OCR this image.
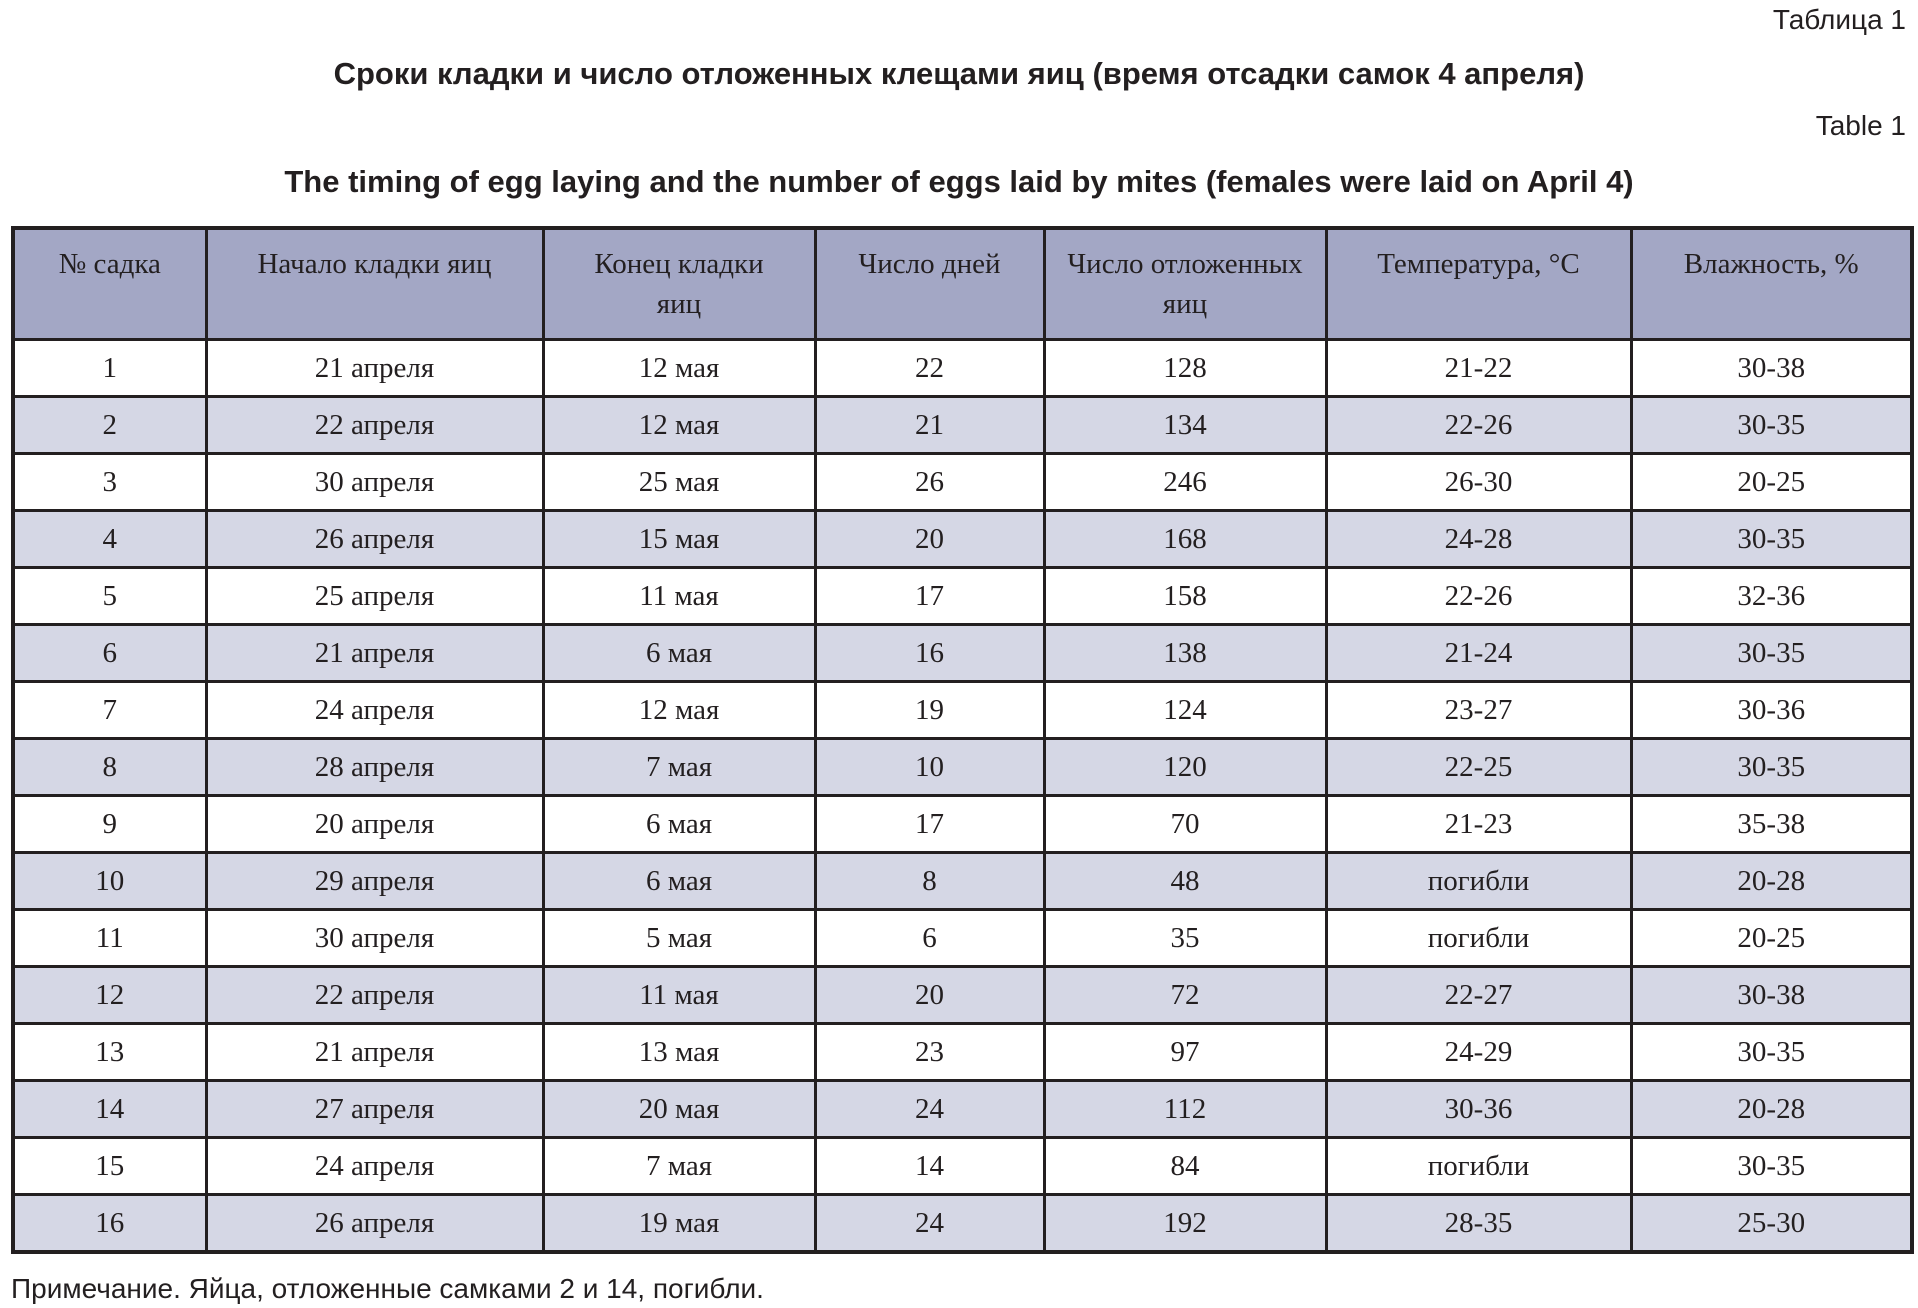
Таблица 1
Сроки кладки и число отложенных клещами яиц (время отсадки самок 4 апреля)
Table 1
The timing of egg laying and the number of eggs laid by mites (females were laid on April 4)
№ садка	Начало кладки яиц	Конец кладки яиц	Число дней	Число отложенных яиц	Температура, °С	Влажность, %
1	21 апреля	12 мая	22	128	21-22	30-38
2	22 апреля	12 мая	21	134	22-26	30-35
3	30 апреля	25 мая	26	246	26-30	20-25
4	26 апреля	15 мая	20	168	24-28	30-35
5	25 апреля	11 мая	17	158	22-26	32-36
6	21 апреля	6 мая	16	138	21-24	30-35
7	24 апреля	12 мая	19	124	23-27	30-36
8	28 апреля	7 мая	10	120	22-25	30-35
9	20 апреля	6 мая	17	70	21-23	35-38
10	29 апреля	6 мая	8	48	погибли	20-28
11	30 апреля	5 мая	6	35	погибли	20-25
12	22 апреля	11 мая	20	72	22-27	30-38
13	21 апреля	13 мая	23	97	24-29	30-35
14	27 апреля	20 мая	24	112	30-36	20-28
15	24 апреля	7 мая	14	84	погибли	30-35
16	26 апреля	19 мая	24	192	28-35	25-30
Примечание. Яйца, отложенные самками 2 и 14, погибли.
